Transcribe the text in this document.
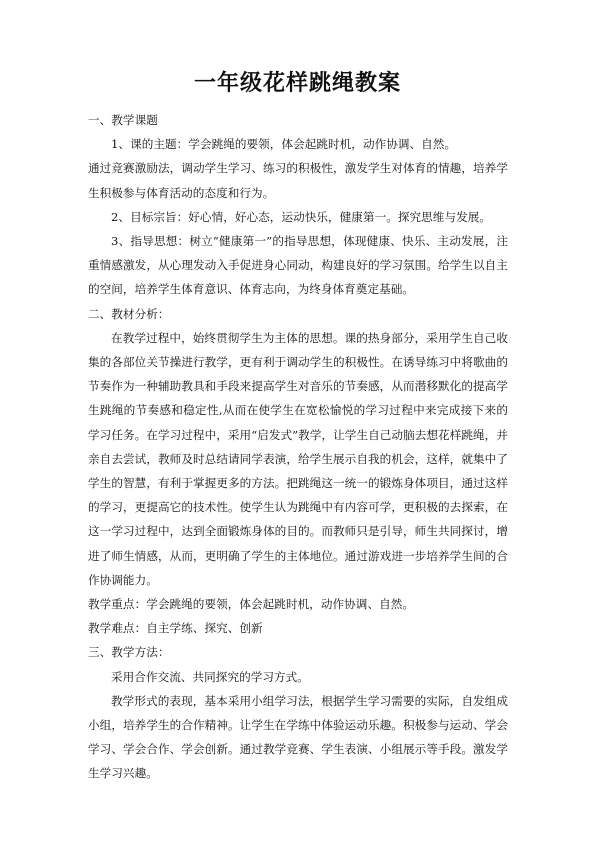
一年级花样跳绳教案

一、教学课题

1、课的主题：学会跳绳的要领，体会起跳时机，动作协调、自然。

通过竞赛激励法，调动学生学习、练习的积极性，激发学生对体育的情趣，培养学生积极参与体育活动的态度和行为。

2、目标宗旨：好心情，好心态，运动快乐，健康第一。探究思维与发展。

3、指导思想：树立“健康第一”的指导思想，体现健康、快乐、主动发展，注重情感激发，从心理发动入手促进身心同动，构建良好的学习氛围。给学生以自主的空间，培养学生体育意识、体育志向，为终身体育奠定基础。

二、教材分析：

在教学过程中，始终贯彻学生为主体的思想。课的热身部分，采用学生自己收集的各部位关节操进行教学，更有利于调动学生的积极性。在诱导练习中将歌曲的节奏作为一种辅助教具和手段来提高学生对音乐的节奏感，从而潜移默化的提高学生跳绳的节奏感和稳定性,从而在使学生在宽松愉悦的学习过程中来完成接下来的学习任务。在学习过程中，采用“启发式”教学，让学生自己动脑去想花样跳绳，并亲自去尝试，教师及时总结请同学表演，给学生展示自我的机会，这样，就集中了学生的智慧，有利于掌握更多的方法。把跳绳这一统一的锻炼身体项目，通过这样的学习，更提高它的技术性。使学生认为跳绳中有内容可学，更积极的去探索，在这一学习过程中，达到全面锻炼身体的目的。而教师只是引导，师生共同探讨，增进了师生情感，从而，更明确了学生的主体地位。通过游戏进一步培养学生间的合作协调能力。

教学重点：学会跳绳的要领，体会起跳时机，动作协调、自然。

教学难点：自主学练、探究、创新

三、教学方法：

采用合作交流、共同探究的学习方式。

教学形式的表现，基本采用小组学习法，根据学生学习需要的实际，自发组成小组，培养学生的合作精神。让学生在学练中体验运动乐趣。积极参与运动、学会学习、学会合作、学会创新。通过教学竞赛、学生表演、小组展示等手段。激发学生学习兴趣。
